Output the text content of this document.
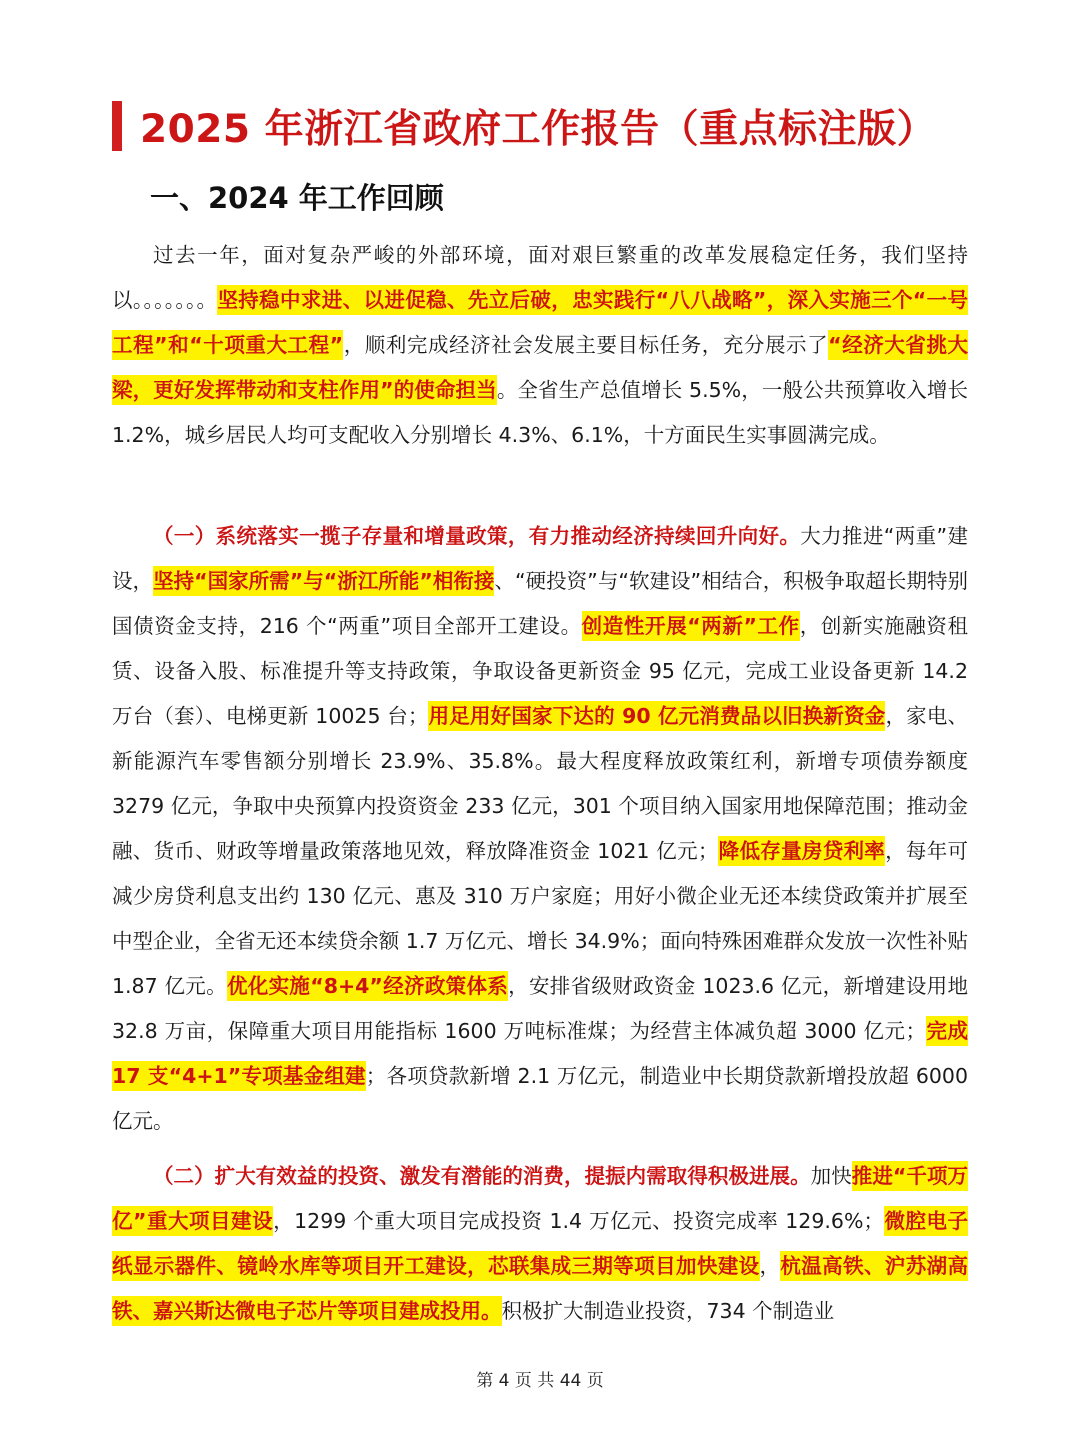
2025 年浙江省政府工作报告（重点标注版）
一、2024 年工作回顾

过去一年，面对复杂严峻的外部环境，面对艰巨繁重的改革发展稳定任务，我们坚持以。。。。。。。坚持稳中求进、以进促稳、先立后破，忠实践行“八八战略”，深入实施三个“一号工程”和“十项重大工程”，顺利完成经济社会发展主要目标任务，充分展示了“经济大省挑大梁，更好发挥带动和支柱作用”的使命担当。全省生产总值增长 5.5%，一般公共预算收入增长 1.2%，城乡居民人均可支配收入分别增长 4.3%、6.1%，十方面民生实事圆满完成。

（一）系统落实一揽子存量和增量政策，有力推动经济持续回升向好。大力推进“两重”建设，坚持“国家所需”与“浙江所能”相衔接、“硬投资”与“软建设”相结合，积极争取超长期特别国债资金支持，216 个“两重”项目全部开工建设。创造性开展“两新”工作，创新实施融资租赁、设备入股、标准提升等支持政策，争取设备更新资金 95 亿元，完成工业设备更新 14.2 万台（套）、电梯更新 10025 台；用足用好国家下达的 90 亿元消费品以旧换新资金，家电、新能源汽车零售额分别增长 23.9%、35.8%。最大程度释放政策红利，新增专项债券额度 3279 亿元，争取中央预算内投资资金 233 亿元，301 个项目纳入国家用地保障范围；推动金融、货币、财政等增量政策落地见效，释放降准资金 1021 亿元；降低存量房贷利率，每年可减少房贷利息支出约 130 亿元、惠及 310 万户家庭；用好小微企业无还本续贷政策并扩展至中型企业，全省无还本续贷余额 1.7 万亿元、增长 34.9%；面向特殊困难群众发放一次性补贴 1.87 亿元。优化实施“8+4”经济政策体系，安排省级财政资金 1023.6 亿元，新增建设用地 32.8 万亩，保障重大项目用能指标 1600 万吨标准煤；为经营主体减负超 3000 亿元；完成 17 支“4+1”专项基金组建；各项贷款新增 2.1 万亿元，制造业中长期贷款新增投放超 6000 亿元。

（二）扩大有效益的投资、激发有潜能的消费，提振内需取得积极进展。加快推进“千项万亿”重大项目建设，1299 个重大项目完成投资 1.4 万亿元、投资完成率 129.6%；微腔电子纸显示器件、镜岭水库等项目开工建设，芯联集成三期等项目加快建设，杭温高铁、沪苏湖高铁、嘉兴斯达微电子芯片等项目建成投用。积极扩大制造业投资，734 个制造业

第 4 页 共 44 页
